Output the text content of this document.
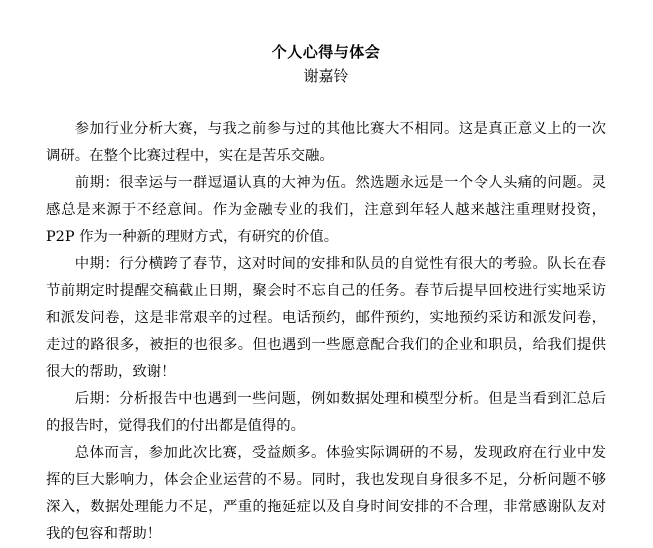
个人心得与体会
谢嘉铃

参加行业分析大赛，与我之前参与过的其他比赛大不相同。这是真正意义上的一次调研。在整个比赛过程中，实在是苦乐交融。

前期：很幸运与一群逗逼认真的大神为伍。然选题永远是一个令人头痛的问题。灵感总是来源于不经意间。作为金融专业的我们，注意到年轻人越来越注重理财投资，P2P 作为一种新的理财方式，有研究的价值。

中期：行分横跨了春节，这对时间的安排和队员的自觉性有很大的考验。队长在春节前期定时提醒交稿截止日期，聚会时不忘自己的任务。春节后提早回校进行实地采访和派发问卷，这是非常艰辛的过程。电话预约，邮件预约，实地预约采访和派发问卷，走过的路很多，被拒的也很多。但也遇到一些愿意配合我们的企业和职员，给我们提供很大的帮助，致谢！

后期：分析报告中也遇到一些问题，例如数据处理和模型分析。但是当看到汇总后的报告时，觉得我们的付出都是值得的。

总体而言，参加此次比赛，受益颇多。体验实际调研的不易，发现政府在行业中发挥的巨大影响力，体会企业运营的不易。同时，我也发现自身很多不足，分析问题不够深入，数据处理能力不足，严重的拖延症以及自身时间安排的不合理，非常感谢队友对我的包容和帮助！
